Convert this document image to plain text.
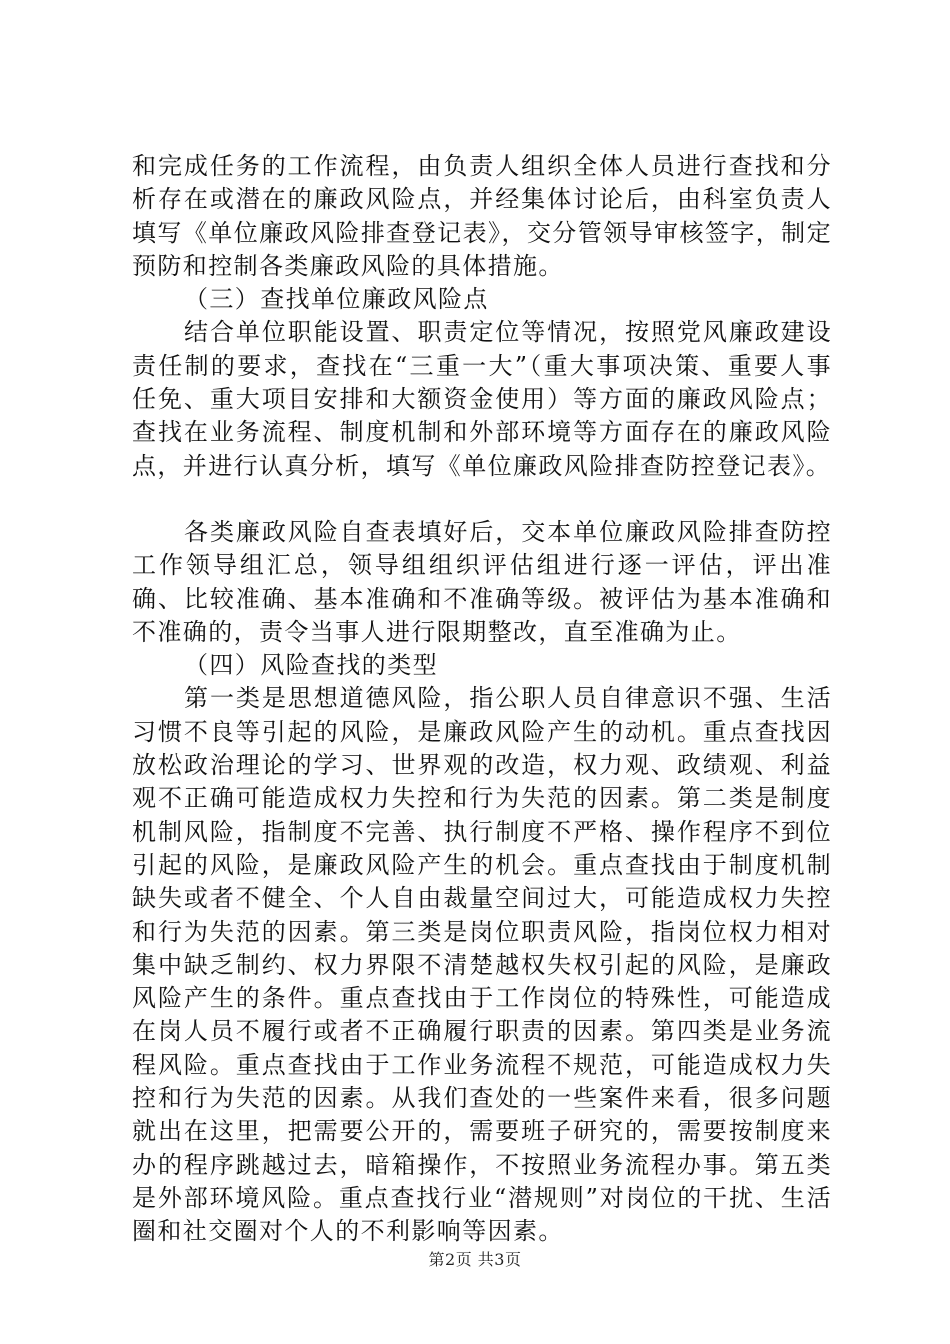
和完成任务的工作流程，由负责人组织全体人员进行查找和分析存在或潜在的廉政风险点，并经集体讨论后，由科室负责人填写《单位廉政风险排查登记表》，交分管领导审核签字，制定预防和控制各类廉政风险的具体措施。

（三）查找单位廉政风险点

结合单位职能设置、职责定位等情况，按照党风廉政建设责任制的要求，查找在“三重一大”（重大事项决策、重要人事任免、重大项目安排和大额资金使用）等方面的廉政风险点；查找在业务流程、制度机制和外部环境等方面存在的廉政风险点，并进行认真分析，填写《单位廉政风险排查防控登记表》。

各类廉政风险自查表填好后，交本单位廉政风险排查防控工作领导组汇总，领导组组织评估组进行逐一评估，评出准确、比较准确、基本准确和不准确等级。被评估为基本准确和不准确的，责令当事人进行限期整改，直至准确为止。

（四）风险查找的类型

第一类是思想道德风险，指公职人员自律意识不强、生活习惯不良等引起的风险，是廉政风险产生的动机。重点查找因放松政治理论的学习、世界观的改造，权力观、政绩观、利益观不正确可能造成权力失控和行为失范的因素。第二类是制度机制风险，指制度不完善、执行制度不严格、操作程序不到位引起的风险，是廉政风险产生的机会。重点查找由于制度机制缺失或者不健全、个人自由裁量空间过大，可能造成权力失控和行为失范的因素。第三类是岗位职责风险，指岗位权力相对集中缺乏制约、权力界限不清楚越权失权引起的风险，是廉政风险产生的条件。重点查找由于工作岗位的特殊性，可能造成在岗人员不履行或者不正确履行职责的因素。第四类是业务流程风险。重点查找由于工作业务流程不规范，可能造成权力失控和行为失范的因素。从我们查处的一些案件来看，很多问题就出在这里，把需要公开的，需要班子研究的，需要按制度来办的程序跳越过去，暗箱操作，不按照业务流程办事。第五类是外部环境风险。重点查找行业“潜规则”对岗位的干扰、生活圈和社交圈对个人的不利影响等因素。

第2页 共3页
